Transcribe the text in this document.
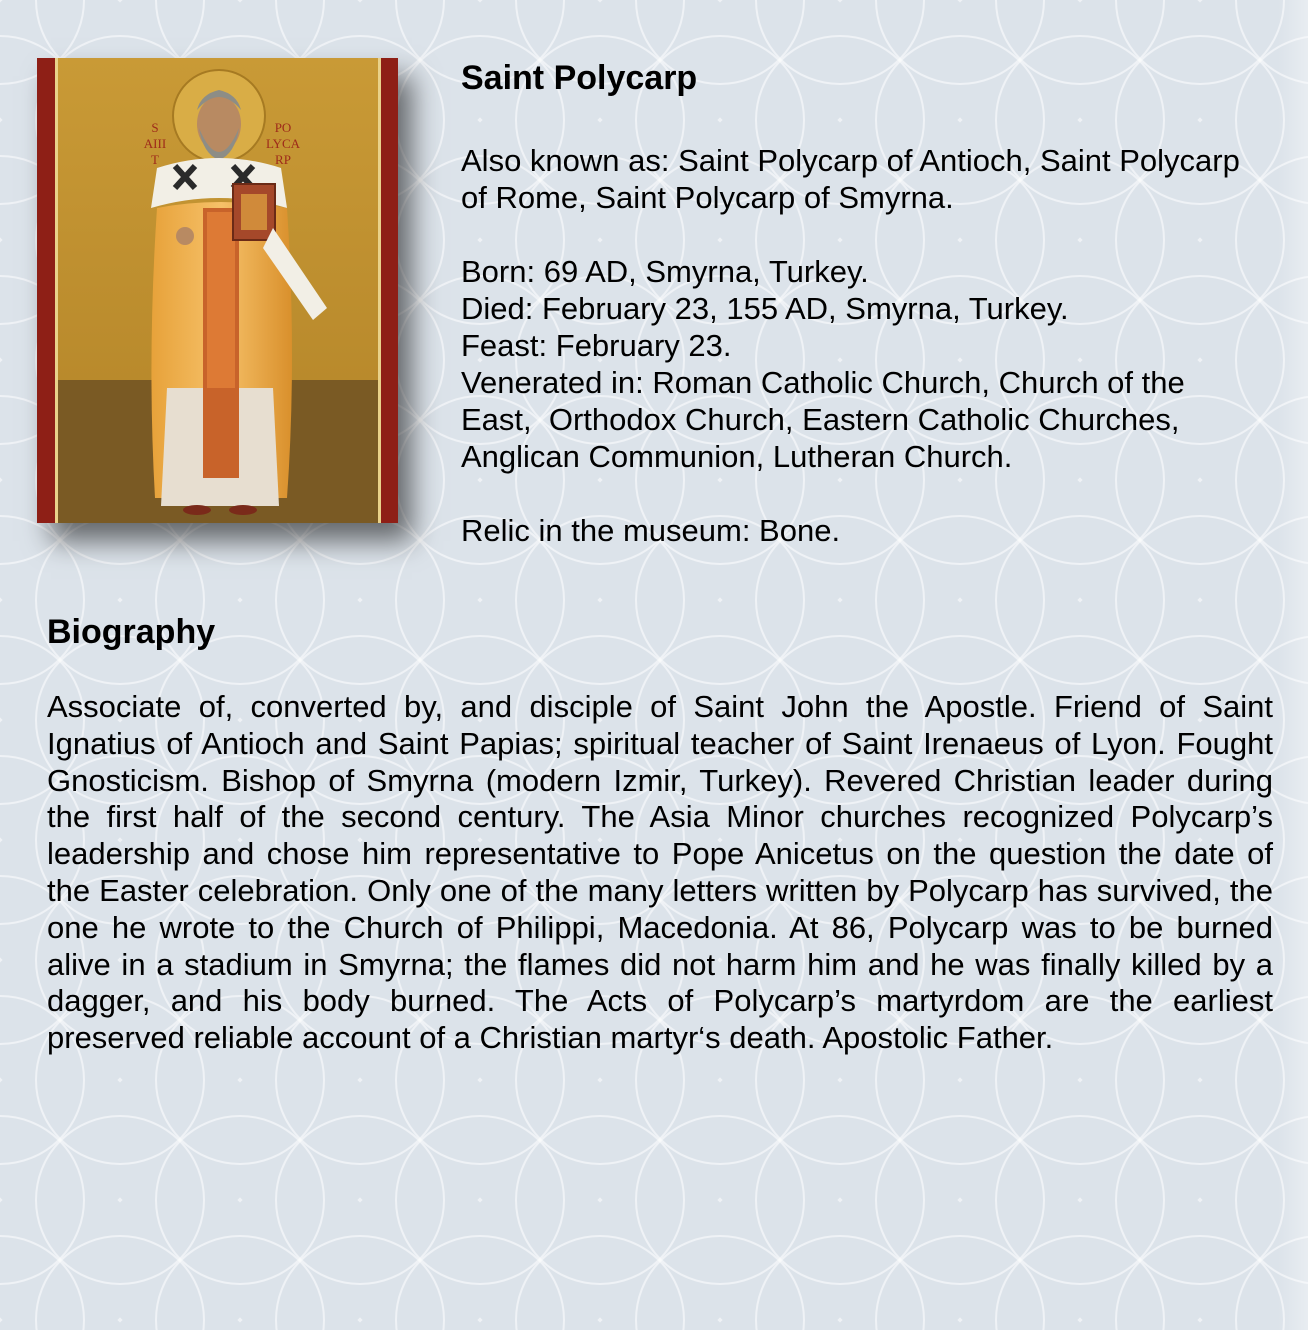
S
AIII
T
PO
LYCA
RP
Saint Polycarp

Also known as: Saint Polycarp of Antioch, Saint Polycarp of Rome, Saint Polycarp of Smyrna.

Born: 69 AD, Smyrna, Turkey.

Died: February 23, 155 AD, Smyrna, Turkey.

Feast: February 23.

Venerated in: Roman Catholic Church, Church of the East,  Orthodox Church, Eastern Catholic Churches, Anglican Communion, Lutheran Church.

Relic in the museum: Bone.

Biography

Associate of, converted by, and disciple of Saint John the Apostle. Friend of Saint Ignatius of Antioch and Saint Papias; spiritual teacher of Saint Irenaeus of Lyon. Fought Gnosticism. Bishop of Smyrna (modern Izmir, Turkey). Revered Christian leader during the first half of the second century. The Asia Minor churches recognized Polycarp’s leadership and chose him representative to Pope Anicetus on the question the date of the Easter celebration. Only one of the many letters written by Polycarp has survived, the one he wrote to the Church of Philippi, Macedonia. At 86, Polycarp was to be burned alive in a stadium in Smyrna; the flames did not harm him and he was finally killed by a dagger, and his body burned. The Acts of Polycarp’s martyrdom are the earliest preserved reliable account of a Christian martyr‘s death. Apostolic Father.
